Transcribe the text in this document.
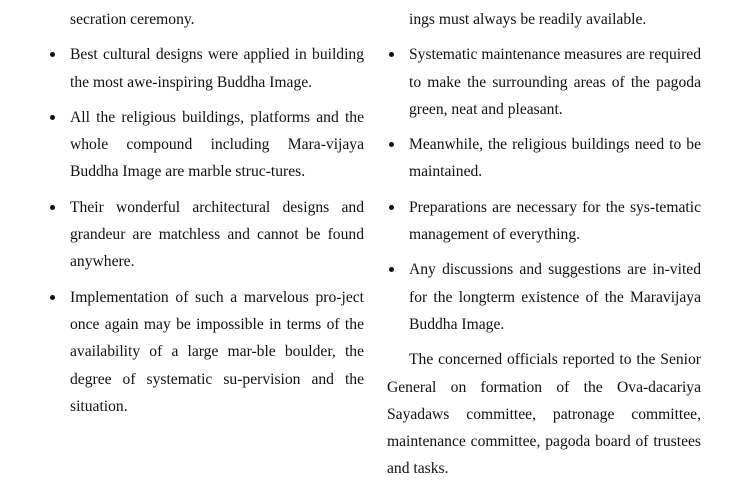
secration ceremony.
Best cultural designs were applied in building the most awe-inspiring Buddha Image.
All the religious buildings, platforms and the whole compound including Mara-vijaya Buddha Image are marble struc-tures.
Their wonderful architectural designs and grandeur are matchless and cannot be found anywhere.
Implementation of such a marvelous pro-ject once again may be impossible in terms of the availability of a large mar-ble boulder, the degree of systematic su-pervision and the situation.
ings must always be readily available.
Systematic maintenance measures are required to make the surrounding areas of the pagoda green, neat and pleasant.
Meanwhile, the religious buildings need to be maintained.
Preparations are necessary for the sys-tematic management of everything.
Any discussions and suggestions are in-vited for the longterm existence of the Maravijaya Buddha Image.

The concerned officials reported to the Senior General on formation of the Ova-dacariya Sayadaws committee, patronage committee, maintenance committee, pagoda board of trustees and tasks.
